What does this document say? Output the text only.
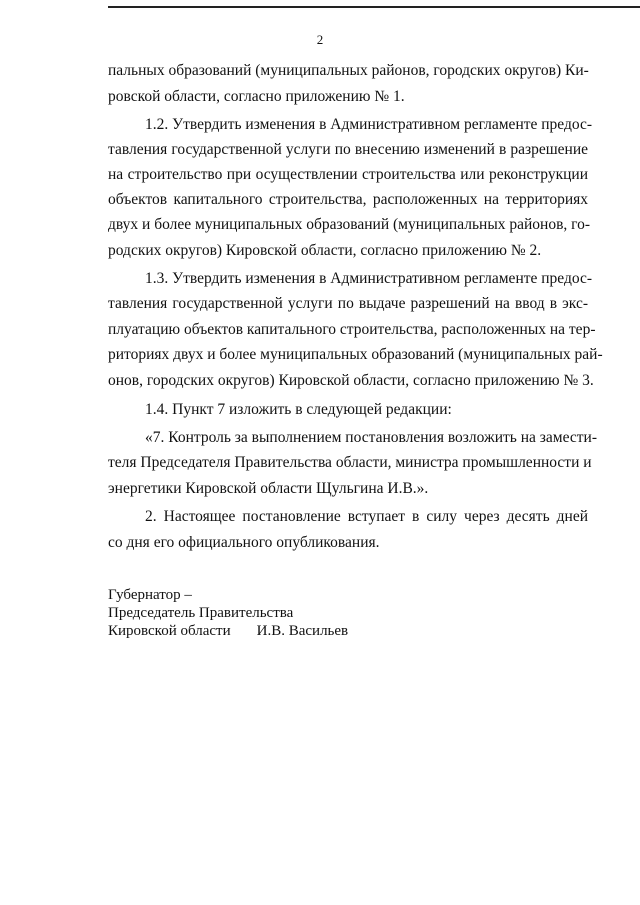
2
пальных образований (муниципальных районов, городских округов) Ки-
ровской области, согласно приложению № 1.
1.2. Утвердить изменения в Административном регламенте предос-
тавления государственной услуги по внесению изменений в разрешение
на строительство при осуществлении строительства или реконструкции
объектов капитального строительства, расположенных на территориях
двух и более муниципальных образований (муниципальных районов, го-
родских округов) Кировской области, согласно приложению № 2.
1.3. Утвердить изменения в Административном регламенте предос-
тавления государственной услуги по выдаче разрешений на ввод в экс-
плуатацию объектов капитального строительства, расположенных на тер-
риториях двух и более муниципальных образований (муниципальных рай-
онов, городских округов) Кировской области, согласно приложению № 3.
1.4. Пункт 7 изложить в следующей редакции:
«7. Контроль за выполнением постановления возложить на замести-
теля Председателя Правительства области, министра промышленности и
энергетики Кировской области Щульгина И.В.».
2. Настоящее постановление вступает в силу через десять дней
со дня его официального опубликования.
Губернатор –
Председатель Правительства
Кировской области И.В. Васильев
